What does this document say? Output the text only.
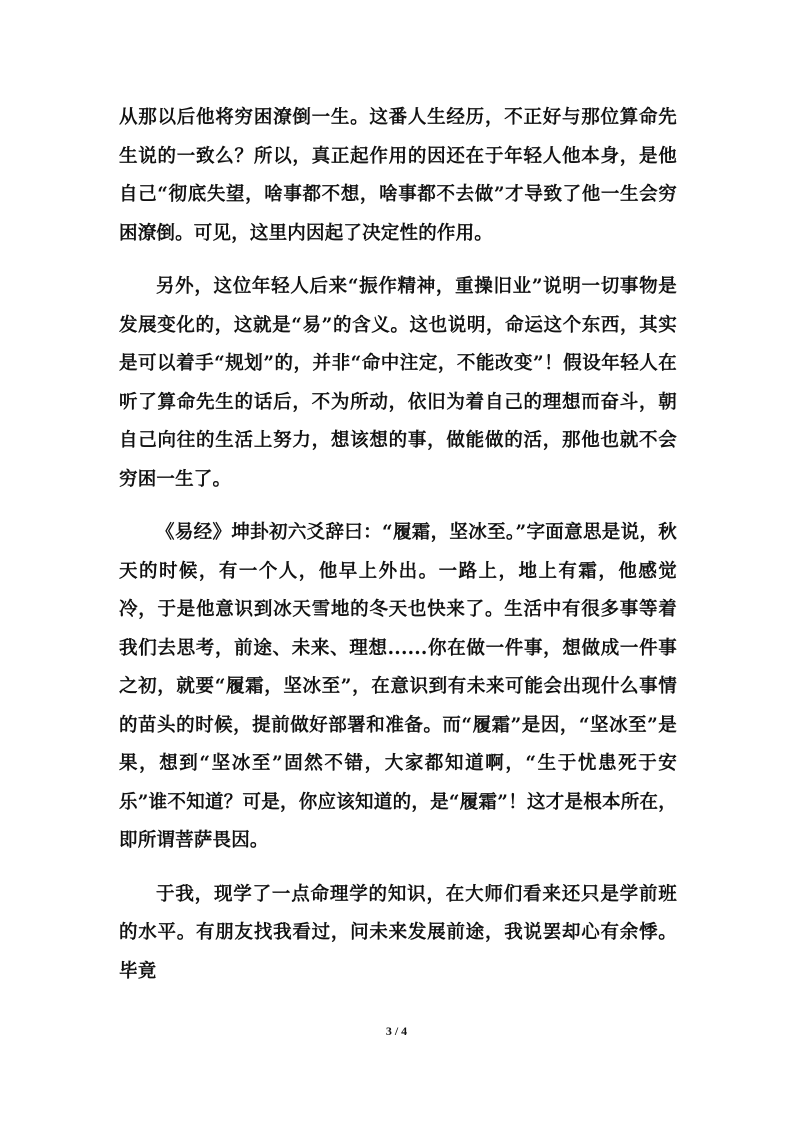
从那以后他将穷困潦倒一生。这番人生经历，不正好与那位算命先生说的一致么？所以，真正起作用的因还在于年轻人他本身，是他自己“彻底失望，啥事都不想，啥事都不去做”才导致了他一生会穷困潦倒。可见，这里内因起了决定性的作用。

另外，这位年轻人后来“振作精神，重操旧业”说明一切事物是发展变化的，这就是“易”的含义。这也说明，命运这个东西，其实是可以着手“规划”的，并非“命中注定，不能改变”！假设年轻人在听了算命先生的话后，不为所动，依旧为着自己的理想而奋斗，朝自己向往的生活上努力，想该想的事，做能做的活，那他也就不会穷困一生了。

《易经》坤卦初六爻辞曰：“履霜，坚冰至。”字面意思是说，秋天的时候，有一个人，他早上外出。一路上，地上有霜，他感觉冷，于是他意识到冰天雪地的冬天也快来了。生活中有很多事等着我们去思考，前途、未来、理想......你在做一件事，想做成一件事之初，就要“履霜，坚冰至”，在意识到有未来可能会出现什么事情的苗头的时候，提前做好部署和准备。而“履霜”是因，“坚冰至”是果，想到“坚冰至”固然不错，大家都知道啊，“生于忧患死于安乐”谁不知道？可是，你应该知道的，是“履霜”！这才是根本所在，即所谓菩萨畏因。

于我，现学了一点命理学的知识，在大师们看来还只是学前班的水平。有朋友找我看过，问未来发展前途，我说罢却心有余悸。毕竟

3 / 4
